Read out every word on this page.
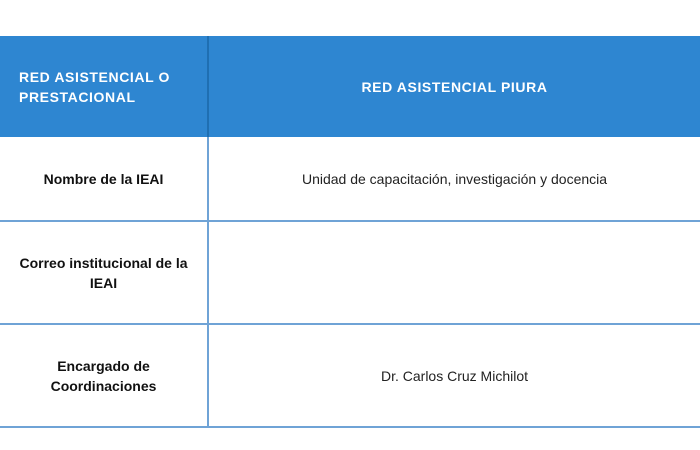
RED ASISTENCIAL O PRESTACIONAL	RED ASISTENCIAL PIURA
Nombre de la IEAI	Unidad de capacitación, investigación y docencia
Correo institucional de la IEAI	
Encargado de Coordinaciones	Dr. Carlos Cruz Michilot
